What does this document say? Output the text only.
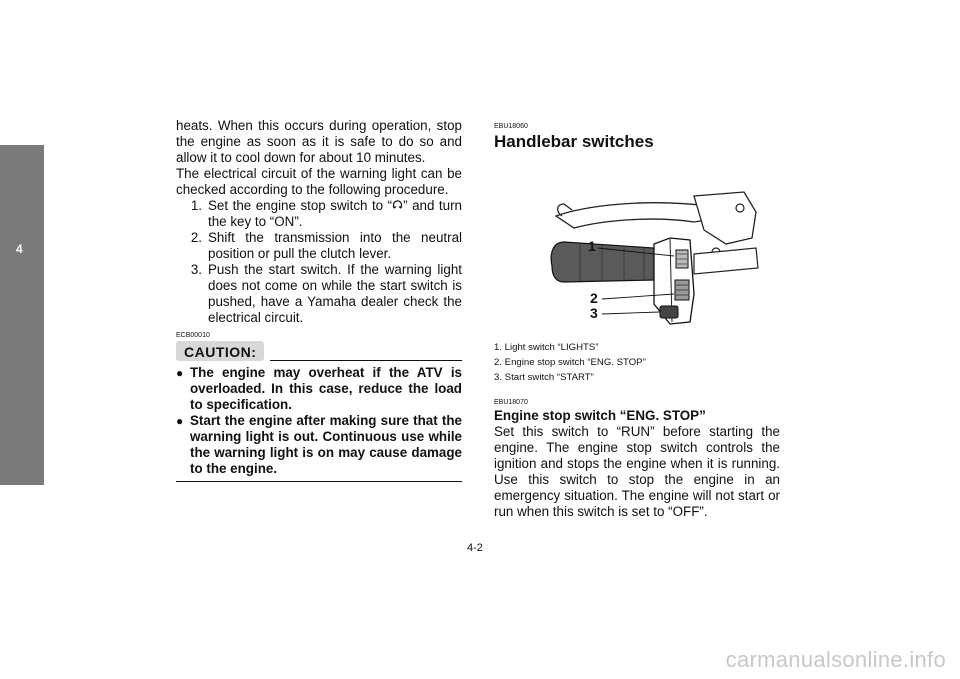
4

heats. When this occurs during operation, stop the engine as soon as it is safe to do so and allow it to cool down for about 10 minutes.

The electrical circuit of the warning light can be checked according to the following procedure.

1. Set the engine stop switch to “ ” and turn the key to “ON”.
2. Shift the transmission into the neutral position or pull the clutch lever.
3. Push the start switch. If the warning light does not come on while the start switch is pushed, have a Yamaha dealer check the electrical circuit.
ECB00010
CAUTION:
● The engine may overheat if the ATV is overloaded. In this case, reduce the load to specification.
● Start the engine after making sure that the warning light is out. Continuous use while the warning light is on may cause damage to the engine.
EBU18060
Handlebar switches
1
2
3
1. Light switch “LIGHTS”
2. Engine stop switch “ENG. STOP”
3. Start switch “START”
EBU18070
Engine stop switch “ENG. STOP”

Set this switch to “RUN” before starting the engine. The engine stop switch controls the ignition and stops the engine when it is running. Use this switch to stop the engine in an emergency situation. The engine will not start or run when this switch is set to “OFF”.

4-2
carmanualsonline.info
